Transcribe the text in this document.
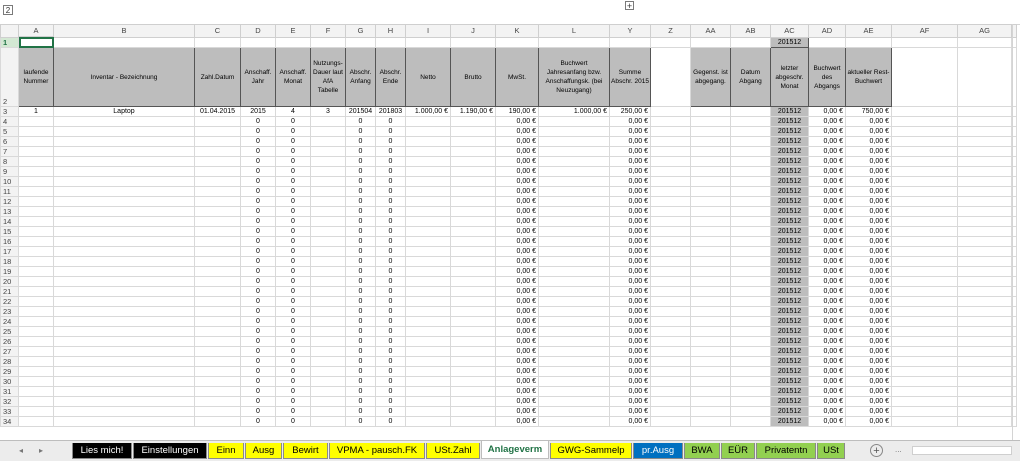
2	+
	A	B	C	D	E	F	G	H	I	J	K	L	Y	Z	AA	AB	AC	AD	AE	AF	AG	
1																	201512					
2	laufende Nummer	Inventar - Bezeichnung	Zahl.Datum	Anschaff. Jahr	Anschaff. Monat	Nutzungs-Dauer laut AfA Tabelle	Abschr. Anfang	Abschr. Ende	Netto	Brutto	MwSt.	Buchwert Jahresanfang bzw. Anschaffungsk. (bei Neuzugang)	Summe Abschr. 2015		Gegenst. ist abgegang.	Datum Abgang	letzter abgeschr. Monat	Buchwert des Abgangs	aktueller Rest-Buchwert			
3	1	Laptop	01.04.2015	2015	4	3	201504	201803	1.000,00 €	1.190,00 €	190,00 €	1.000,00 €	250,00 €				201512	0,00 €	750,00 €			
4				0	0		0	0			0,00 €		0,00 €				201512	0,00 €	0,00 €			
5				0	0		0	0			0,00 €		0,00 €				201512	0,00 €	0,00 €			
6				0	0		0	0			0,00 €		0,00 €				201512	0,00 €	0,00 €			
7				0	0		0	0			0,00 €		0,00 €				201512	0,00 €	0,00 €			
8				0	0		0	0			0,00 €		0,00 €				201512	0,00 €	0,00 €			
9				0	0		0	0			0,00 €		0,00 €				201512	0,00 €	0,00 €			
10				0	0		0	0			0,00 €		0,00 €				201512	0,00 €	0,00 €			
11				0	0		0	0			0,00 €		0,00 €				201512	0,00 €	0,00 €			
12				0	0		0	0			0,00 €		0,00 €				201512	0,00 €	0,00 €			
13				0	0		0	0			0,00 €		0,00 €				201512	0,00 €	0,00 €			
14				0	0		0	0			0,00 €		0,00 €				201512	0,00 €	0,00 €			
15				0	0		0	0			0,00 €		0,00 €				201512	0,00 €	0,00 €			
16				0	0		0	0			0,00 €		0,00 €				201512	0,00 €	0,00 €			
17				0	0		0	0			0,00 €		0,00 €				201512	0,00 €	0,00 €			
18				0	0		0	0			0,00 €		0,00 €				201512	0,00 €	0,00 €			
19				0	0		0	0			0,00 €		0,00 €				201512	0,00 €	0,00 €			
20				0	0		0	0			0,00 €		0,00 €				201512	0,00 €	0,00 €			
21				0	0		0	0			0,00 €		0,00 €				201512	0,00 €	0,00 €			
22				0	0		0	0			0,00 €		0,00 €				201512	0,00 €	0,00 €			
23				0	0		0	0			0,00 €		0,00 €				201512	0,00 €	0,00 €			
24				0	0		0	0			0,00 €		0,00 €				201512	0,00 €	0,00 €			
25				0	0		0	0			0,00 €		0,00 €				201512	0,00 €	0,00 €			
26				0	0		0	0			0,00 €		0,00 €				201512	0,00 €	0,00 €			
27				0	0		0	0			0,00 €		0,00 €				201512	0,00 €	0,00 €			
28				0	0		0	0			0,00 €		0,00 €				201512	0,00 €	0,00 €			
29				0	0		0	0			0,00 €		0,00 €				201512	0,00 €	0,00 €			
30				0	0		0	0			0,00 €		0,00 €				201512	0,00 €	0,00 €			
31				0	0		0	0			0,00 €		0,00 €				201512	0,00 €	0,00 €			
32				0	0		0	0			0,00 €		0,00 €				201512	0,00 €	0,00 €			
33				0	0		0	0			0,00 €		0,00 €				201512	0,00 €	0,00 €			
34				0	0		0	0			0,00 €		0,00 €				201512	0,00 €	0,00 €			
◂	▸	Lies mich!	Einstellungen	Einn	Ausg	Bewirt	VPMA - pausch.FK	USt.Zahl	Anlageverm	GWG-Sammelp	pr.Ausg	BWA	EÜR	Privatentn	USt	+	...
